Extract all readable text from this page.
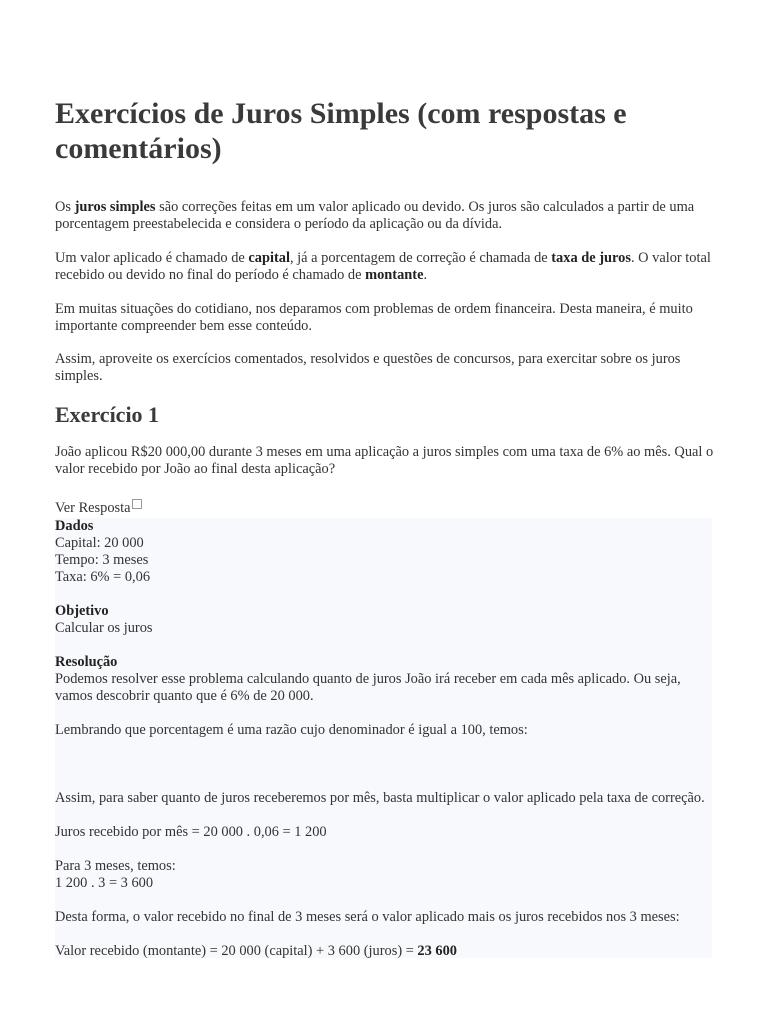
Exercícios de Juros Simples (com respostas e comentários)

Os juros simples são correções feitas em um valor aplicado ou devido. Os juros são calculados a partir de uma porcentagem preestabelecida e considera o período da aplicação ou da dívida.

Um valor aplicado é chamado de capital, já a porcentagem de correção é chamada de taxa de juros. O valor total recebido ou devido no final do período é chamado de montante.

Em muitas situações do cotidiano, nos deparamos com problemas de ordem financeira. Desta maneira, é muito importante compreender bem esse conteúdo.

Assim, aproveite os exercícios comentados, resolvidos e questões de concursos, para exercitar sobre os juros simples.

Exercício 1

João aplicou R$20 000,00 durante 3 meses em uma aplicação a juros simples com uma taxa de 6% ao mês. Qual o valor recebido por João ao final desta aplicação?

Ver Resposta
Dados
Capital: 20 000
Tempo: 3 meses
Taxa: 6% = 0,06
Objetivo
Calcular os juros
Resolução
Podemos resolver esse problema calculando quanto de juros João irá receber em cada mês aplicado. Ou seja, vamos descobrir quanto que é 6% de 20 000.
Lembrando que porcentagem é uma razão cujo denominador é igual a 100, temos:
Assim, para saber quanto de juros receberemos por mês, basta multiplicar o valor aplicado pela taxa de correção.
Juros recebido por mês = 20 000 . 0,06 = 1 200
Para 3 meses, temos:
1 200 . 3 = 3 600
Desta forma, o valor recebido no final de 3 meses será o valor aplicado mais os juros recebidos nos 3 meses:
Valor recebido (montante) = 20 000 (capital) + 3 600 (juros) = 23 600
